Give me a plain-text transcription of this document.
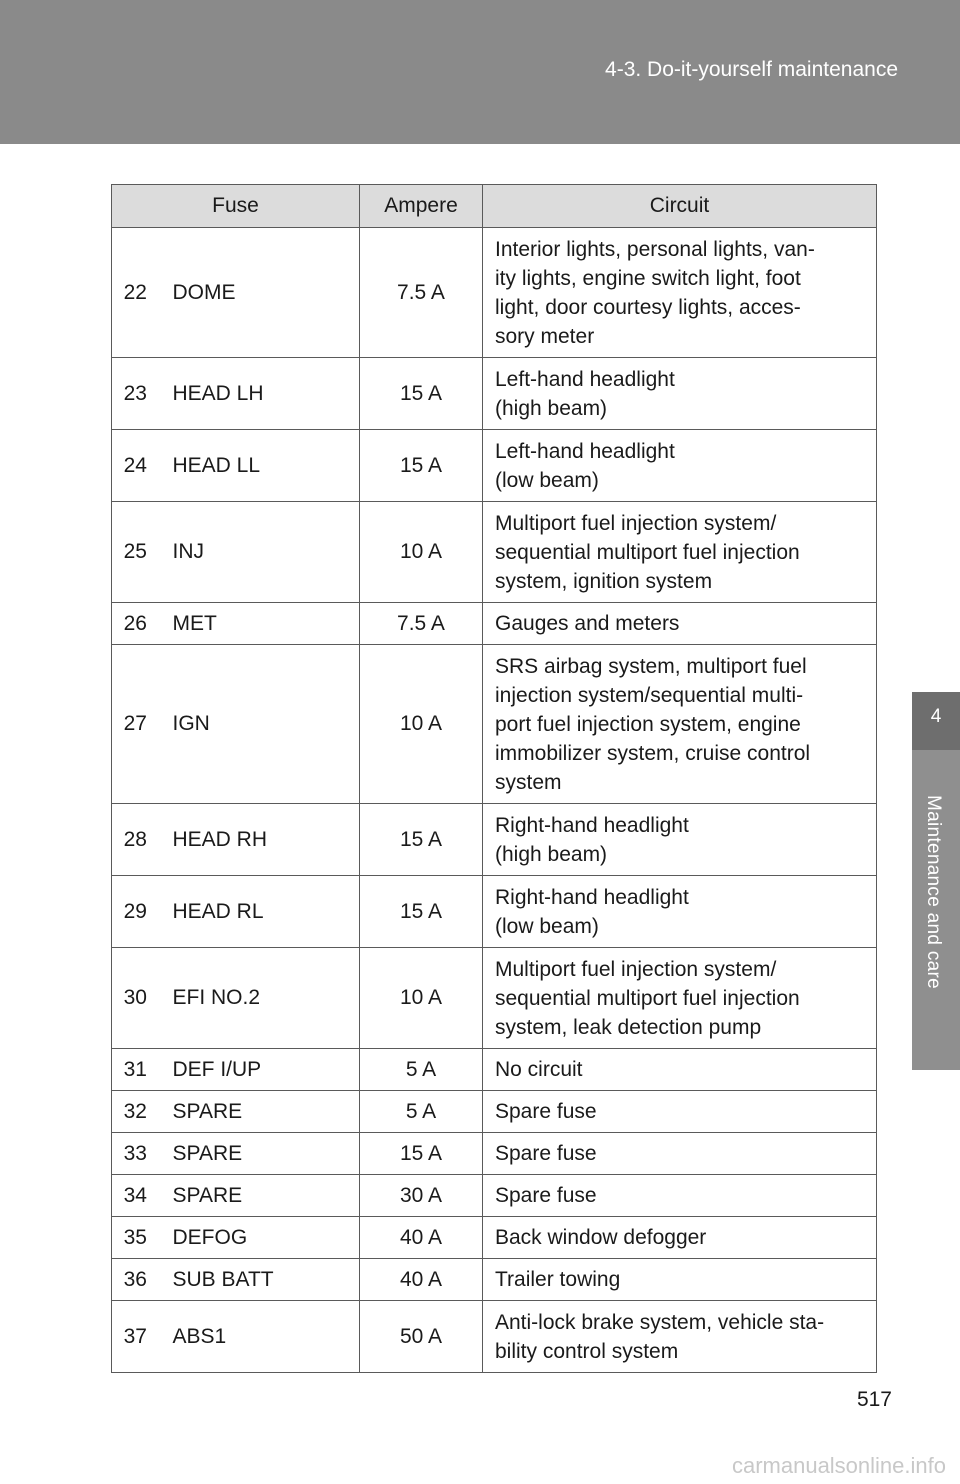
4-3. Do-it-yourself maintenance
4
Maintenance and care
Fuse		Ampere	Circuit
22	DOME	7.5 A	Interior lights, personal lights, van-
ity lights, engine switch light, foot
light, door courtesy lights, acces-
sory meter

23	HEAD LH	15 A	Left-hand headlight
(high beam)

24	HEAD LL	15 A	Left-hand headlight
(low beam)

25	INJ	10 A	Multiport fuel injection system/
sequential multiport fuel injection
system, ignition system

26	MET	7.5 A	Gauges and meters

27	IGN	10 A	SRS airbag system, multiport fuel
injection system/sequential multi-
port fuel injection system, engine
immobilizer system, cruise control
system

28	HEAD RH	15 A	Right-hand headlight
(high beam)

29	HEAD RL	15 A	Right-hand headlight
(low beam)

30	EFI NO.2	10 A	Multiport fuel injection system/
sequential multiport fuel injection
system, leak detection pump

31	DEF I/UP	5 A	No circuit

32	SPARE	5 A	Spare fuse

33	SPARE	15 A	Spare fuse

34	SPARE	30 A	Spare fuse

35	DEFOG	40 A	Back window defogger

36	SUB BATT	40 A	Trailer towing

37	ABS1	50 A	Anti-lock brake system, vehicle sta-
bility control system
517
carmanualsonline.info
